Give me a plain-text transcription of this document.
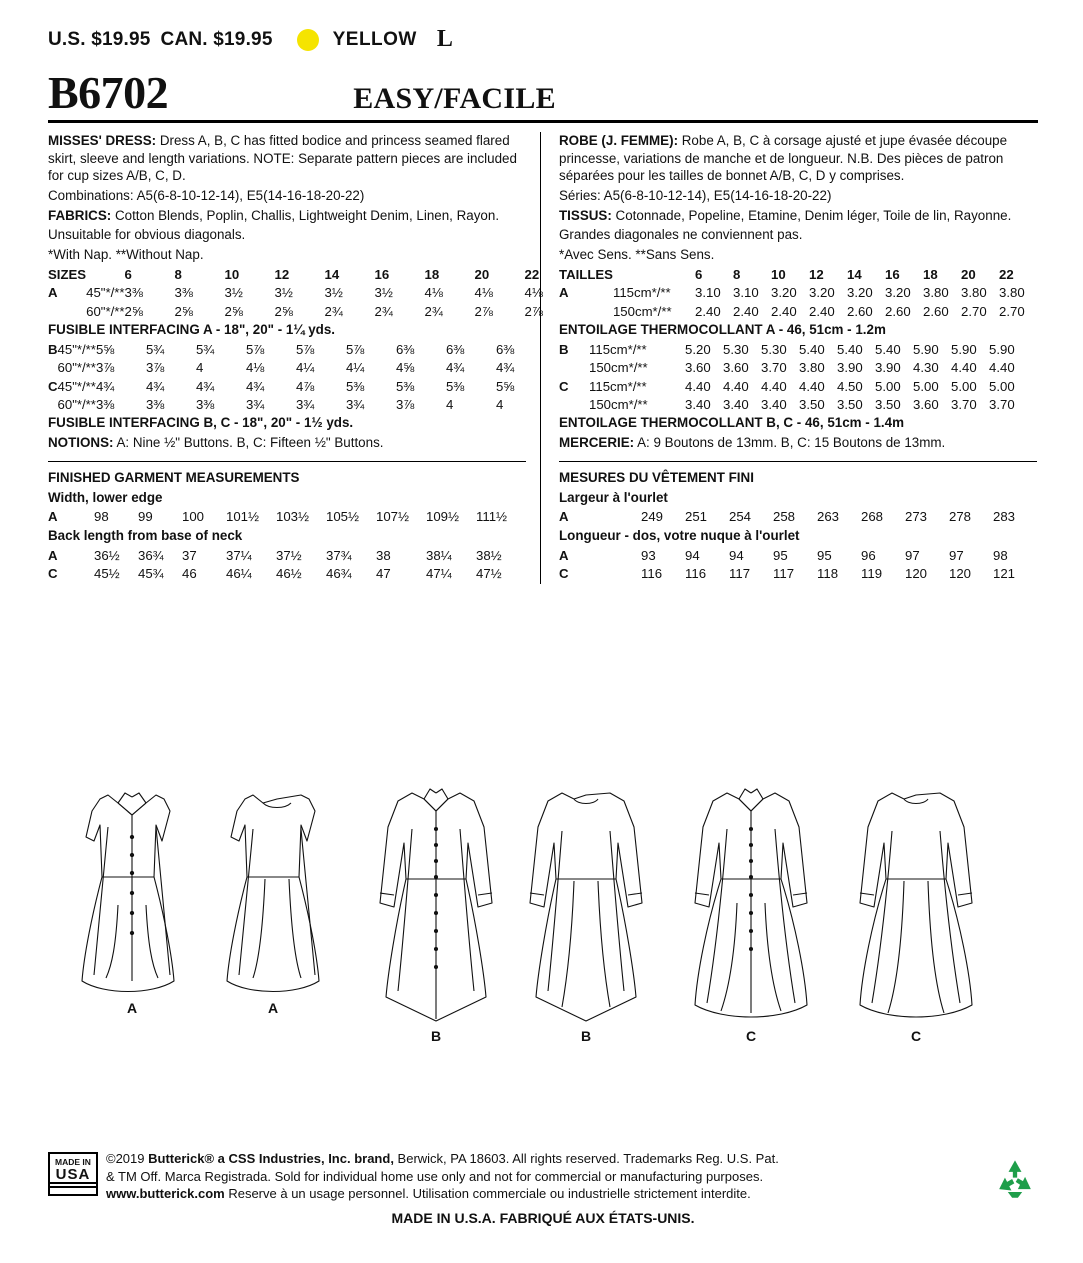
U.S. $19.95 CAN. $19.95	YELLOW L
B6702	EASY/FACILE

MISSES' DRESS: Dress A, B, C has fitted bodice and princess seamed flared skirt, sleeve and length variations. NOTE: Separate pattern pieces are included for cup sizes A/B, C, D.

Combinations: A5(6-8-10-12-14), E5(14-16-18-20-22)

FABRICS: Cotton Blends, Poplin, Challis, Lightweight Denim, Linen, Rayon.

Unsuitable for obvious diagonals.

*With Nap. **Without Nap.

SIZES		6 8 10 12 14 16 18 20 22
A	45"*/**	3⅜ 3⅜ 3½ 3½ 3½ 3½ 4⅛ 4⅛ 4⅛
	60"*/**	2⅝ 2⅝ 2⅝ 2⅝ 2¾ 2¾ 2¾ 2⅞ 2⅞

FUSIBLE INTERFACING A - 18", 20" - 1¼ yds.

B	45"*/**	5⅝ 5¾ 5¾ 5⅞ 5⅞ 5⅞ 6⅜ 6⅜ 6⅜
	60"*/**	3⅞ 3⅞ 4 4⅛ 4¼ 4¼ 4⅝ 4¾ 4¾
C	45"*/**	4¾ 4¾ 4¾ 4¾ 4⅞ 5⅜ 5⅜ 5⅜ 5⅝
	60"*/**	3⅜ 3⅜ 3⅜ 3¾ 3¾ 3¾ 3⅞ 4 4

FUSIBLE INTERFACING B, C - 18", 20" - 1½ yds.

NOTIONS: A: Nine ½" Buttons. B, C: Fifteen ½" Buttons.

FINISHED GARMENT MEASUREMENTS

Width, lower edge

A		98 99 100 101½ 103½ 105½ 107½ 109½ 111½

Back length from base of neck

A		36½ 36¾ 37 37¼ 37½ 37¾ 38 38¼ 38½
C		45½ 45¾ 46 46¼ 46½ 46¾ 47 47¼ 47½

ROBE (J. FEMME): Robe A, B, C à corsage ajusté et jupe évasée découpe princesse, variations de manche et de longueur. N.B. Des pièces de patron séparées pour les tailles de bonnet A/B, C, D y comprises.

Séries: A5(6-8-10-12-14), E5(14-16-18-20-22)

TISSUS: Cotonnade, Popeline, Etamine, Denim léger, Toile de lin, Rayonne.

Grandes diagonales ne conviennent pas.

*Avec Sens. **Sans Sens.

TAILLES		6 8 10 12 14 16 18 20 22
A	115cm*/**	3.10 3.10 3.20 3.20 3.20 3.20 3.80 3.80 3.80
	150cm*/**	2.40 2.40 2.40 2.40 2.60 2.60 2.60 2.70 2.70

ENTOILAGE THERMOCOLLANT A - 46, 51cm - 1.2m

B	115cm*/**	5.20 5.30 5.30 5.40 5.40 5.40 5.90 5.90 5.90
	150cm*/**	3.60 3.60 3.70 3.80 3.90 3.90 4.30 4.40 4.40
C	115cm*/**	4.40 4.40 4.40 4.40 4.50 5.00 5.00 5.00 5.00
	150cm*/**	3.40 3.40 3.40 3.50 3.50 3.50 3.60 3.70 3.70

ENTOILAGE THERMOCOLLANT B, C - 46, 51cm - 1.4m

MERCERIE: A: 9 Boutons de 13mm. B, C: 15 Boutons de 13mm.

MESURES DU VÊTEMENT FINI

Largeur à l'ourlet

A		249 251 254 258 263 268 273 278 283

Longueur - dos, votre nuque à l'ourlet

A		93 94 94 95 95 96 97 97 98
C		116 116 117 117 118 119 120 120 121
A	A
B	B	C	C
MADE IN
USA
©2019 Butterick® a CSS Industries, Inc. brand, Berwick, PA 18603. All rights reserved. Trademarks Reg. U.S. Pat.
& TM Off. Marca Registrada. Sold for individual home use only and not for commercial or manufacturing purposes.
www.butterick.com Reserve à un usage personnel. Utilisation commerciale ou industrielle strictement interdite.
MADE IN U.S.A. FABRIQUÉ AUX ÉTATS-UNIS.
